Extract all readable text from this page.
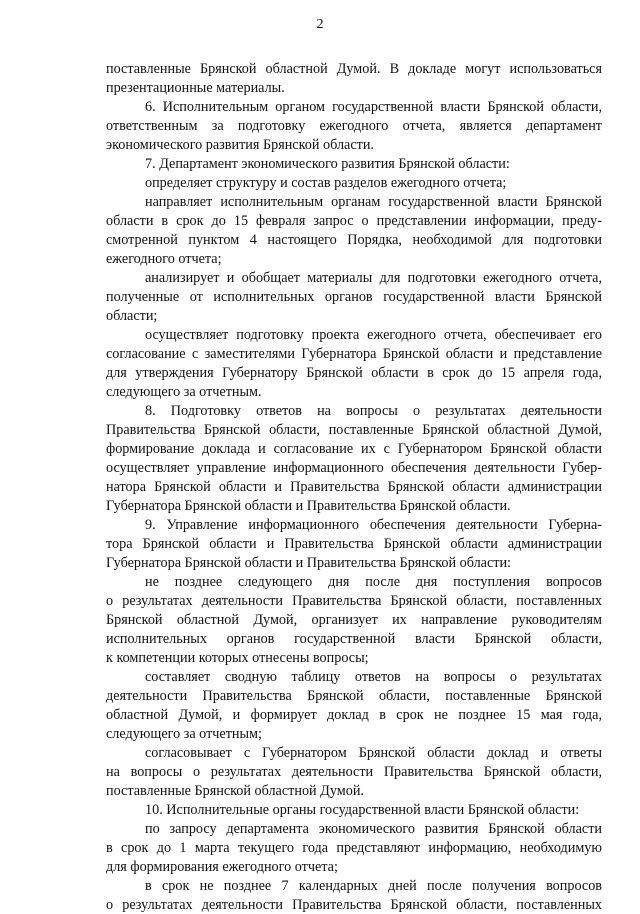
2
поставленные Брянской областной Думой. В докладе могут использоваться
презентационные материалы.
6. Исполнительным органом государственной власти Брянской области,
ответственным за подготовку ежегодного отчета, является департамент
экономического развития Брянской области.
7. Департамент экономического развития Брянской области:
определяет структуру и состав разделов ежегодного отчета;
направляет исполнительным органам государственной власти Брянской
области в срок до 15 февраля запрос о представлении информации, преду-
смотренной пунктом 4 настоящего Порядка, необходимой для подготовки
ежегодного отчета;
анализирует и обобщает материалы для подготовки ежегодного отчета,
полученные от исполнительных органов государственной власти Брянской
области;
осуществляет подготовку проекта ежегодного отчета, обеспечивает его
согласование с заместителями Губернатора Брянской области и представление
для утверждения Губернатору Брянской области в срок до 15 апреля года,
следующего за отчетным.
8. Подготовку ответов на вопросы о результатах деятельности
Правительства Брянской области, поставленные Брянской областной Думой,
формирование доклада и согласование их с Губернатором Брянской области
осуществляет управление информационного обеспечения деятельности Губер-
натора Брянской области и Правительства Брянской области администрации
Губернатора Брянской области и Правительства Брянской области.
9. Управление информационного обеспечения деятельности Губерна-
тора Брянской области и Правительства Брянской области администрации
Губернатора Брянской области и Правительства Брянской области:
не позднее следующего дня после дня поступления вопросов
о результатах деятельности Правительства Брянской области, поставленных
Брянской областной Думой, организует их направление руководителям
исполнительных органов государственной власти Брянской области,
к компетенции которых отнесены вопросы;
составляет сводную таблицу ответов на вопросы о результатах
деятельности Правительства Брянской области, поставленные Брянской
областной Думой, и формирует доклад в срок не позднее 15 мая года,
следующего за отчетным;
согласовывает с Губернатором Брянской области доклад и ответы
на вопросы о результатах деятельности Правительства Брянской области,
поставленные Брянской областной Думой.
10. Исполнительные органы государственной власти Брянской области:
по запросу департамента экономического развития Брянской области
в срок до 1 марта текущего года представляют информацию, необходимую
для формирования ежегодного отчета;
в срок не позднее 7 календарных дней после получения вопросов
о результатах деятельности Правительства Брянской области, поставленных
